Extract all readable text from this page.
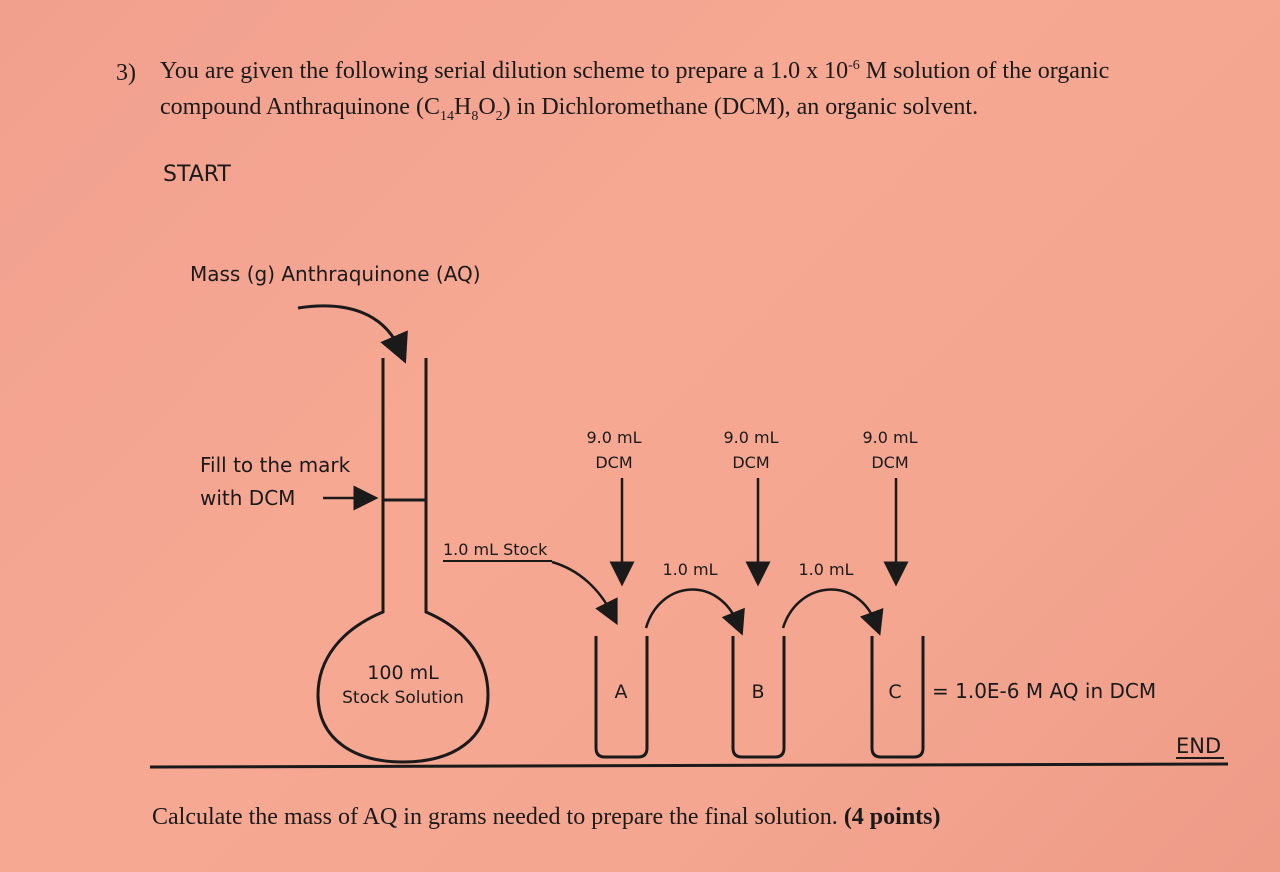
3) You are given the following serial dilution scheme to prepare a 1.0 x $10^{-6}$ M solution of the organic
compound Anthraquinone $(C_{14}H_8O_2)$ in Dichloromethane (DCM), an organic solvent.
START
Mass (g) Anthraquinone (AQ)
Fill to the mark
with DCM
100 mL
Stock Solution
1.0 mL Stock
9.0 mL
DCM
9.0 mL
DCM
9.0 mL
DCM
1.0 mL	1.0 mL
A	B	C = 1.0E-6 M AQ in DCM
END
Calculate the mass of AQ in grams needed to prepare the final solution. (4 points)
